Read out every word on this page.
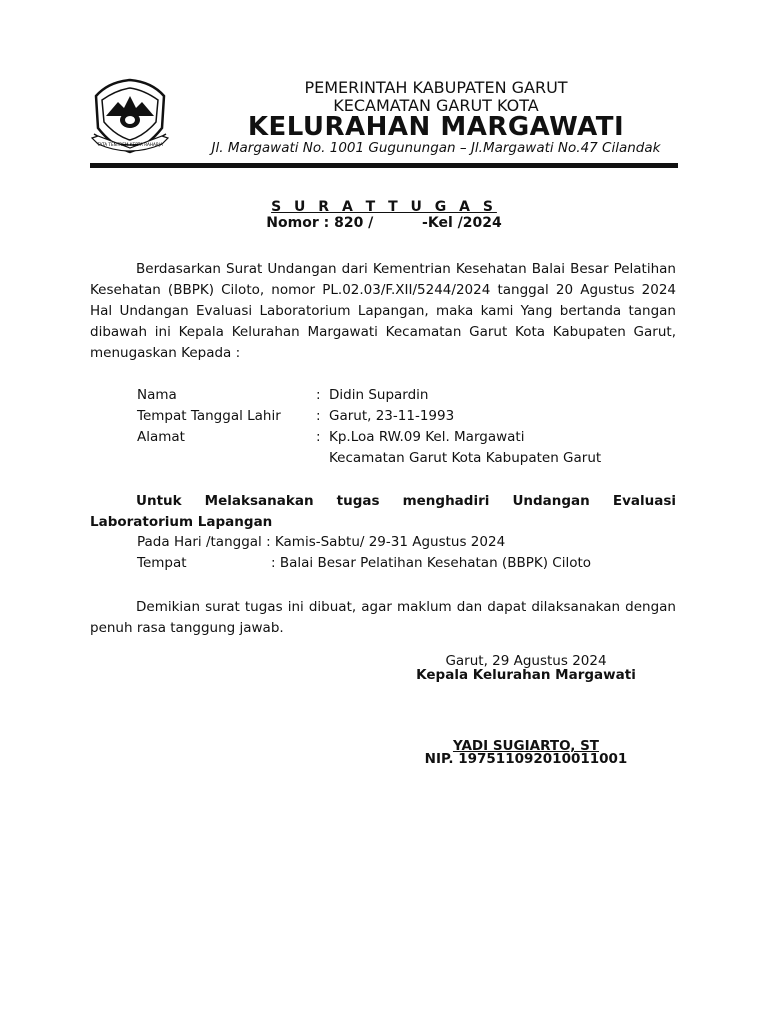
TATA TENTREM KERTA RAHARJA
PEMERINTAH KABUPATEN GARUT
KECAMATAN GARUT KOTA
KELURAHAN MARGAWATI
Jl. Margawati No. 1001 Gugunungan – Jl.Margawati No.47 Cilandak
S U R A T T U G A S
Nomor : 820 /          -Kel /2024
Berdasarkan Surat Undangan dari Kementrian Kesehatan Balai Besar Pelatihan Kesehatan (BBPK) Ciloto, nomor PL.02.03/F.XII/5244/2024 tanggal 20 Agustus 2024 Hal Undangan Evaluasi Laboratorium Lapangan, maka kami Yang bertanda tangan dibawah ini Kepala Kelurahan Margawati Kecamatan Garut Kota Kabupaten Garut, menugaskan Kepada :
Nama	: Didin Supardin
Tempat Tanggal Lahir	: Garut, 23-11-1993
Alamat	: Kp.Loa RW.09 Kel. Margawati
Kecamatan Garut Kota Kabupaten Garut
Untuk Melaksanakan tugas menghadiri Undangan Evaluasi Laboratorium Lapangan
Pada Hari /tanggal : Kamis-Sabtu/ 29-31 Agustus 2024
Tempat	: Balai Besar Pelatihan Kesehatan (BBPK) Ciloto
Demikian surat tugas ini dibuat, agar maklum dan dapat dilaksanakan dengan penuh rasa tanggung jawab.
Garut, 29 Agustus 2024
Kepala Kelurahan Margawati
YADI SUGIARTO, ST
NIP. 197511092010011001
